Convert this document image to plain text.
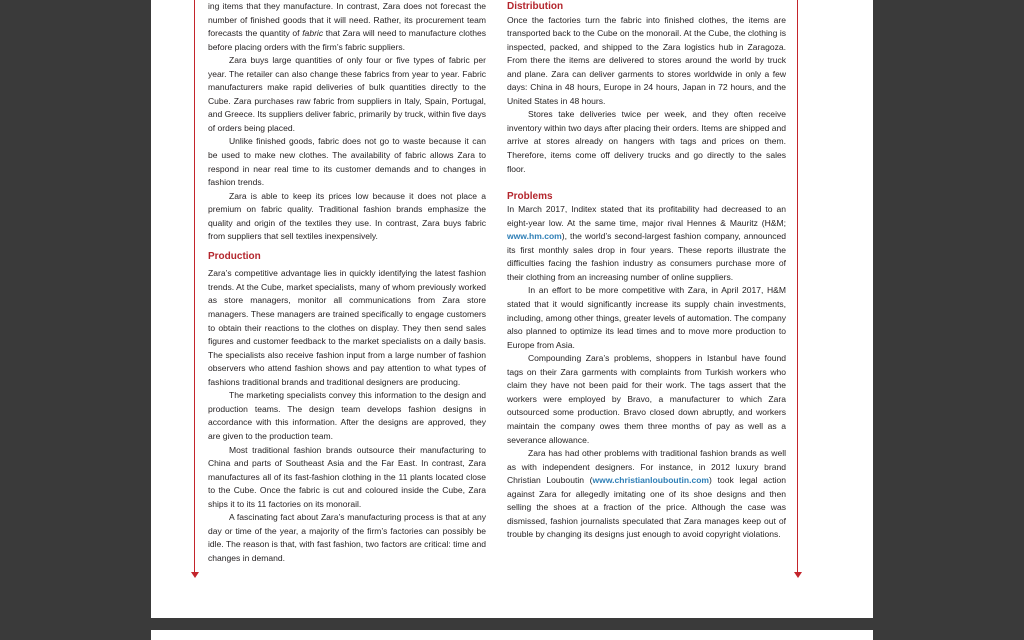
ing items that they manufacture. In contrast, Zara does not forecast the number of finished goods that it will need. Rather, its procurement team forecasts the quantity of fabric that Zara will need to manufacture clothes before placing orders with the firm’s fabric suppliers.

Zara buys large quantities of only four or five types of fabric per year. The retailer can also change these fabrics from year to year. Fabric manufacturers make rapid deliveries of bulk quantities directly to the Cube. Zara purchases raw fabric from suppliers in Italy, Spain, Portugal, and Greece. Its suppliers deliver fabric, primarily by truck, within five days of orders being placed.

Unlike finished goods, fabric does not go to waste because it can be used to make new clothes. The availability of fabric allows Zara to respond in near real time to its customer demands and to changes in fashion trends.

Zara is able to keep its prices low because it does not place a premium on fabric quality. Traditional fashion brands emphasize the quality and origin of the textiles they use. In contrast, Zara buys fabric from suppliers that sell textiles inexpensively.

Production

Zara’s competitive advantage lies in quickly identifying the latest fashion trends. At the Cube, market specialists, many of whom previously worked as store managers, monitor all communications from Zara store managers. These managers are trained specifically to engage customers to obtain their reactions to the clothes on display. They then send sales figures and customer feedback to the market specialists on a daily basis. The specialists also receive fashion input from a large number of fashion observers who attend fashion shows and pay attention to what types of fashions traditional brands and traditional designers are producing.

The marketing specialists convey this information to the design and production teams. The design team develops fashion designs in accordance with this information. After the designs are approved, they are given to the production team.

Most traditional fashion brands outsource their manufacturing to China and parts of Southeast Asia and the Far East. In contrast, Zara manufactures all of its fast-fashion clothing in the 11 plants located close to the Cube. Once the fabric is cut and coloured inside the Cube, Zara ships it to its 11 factories on its monorail.

A fascinating fact about Zara’s manufacturing process is that at any day or time of the year, a majority of the firm’s factories can possibly be idle. The reason is that, with fast fashion, two factors are critical: time and changes in demand.

Distribution

Once the factories turn the fabric into finished clothes, the items are transported back to the Cube on the monorail. At the Cube, the clothing is inspected, packed, and shipped to the Zara logistics hub in Zaragoza. From there the items are delivered to stores around the world by truck and plane. Zara can deliver garments to stores worldwide in only a few days: China in 48 hours, Europe in 24 hours, Japan in 72 hours, and the United States in 48 hours.

Stores take deliveries twice per week, and they often receive inventory within two days after placing their orders. Items are shipped and arrive at stores already on hangers with tags and prices on them. Therefore, items come off delivery trucks and go directly to the sales floor.

Problems

In March 2017, Inditex stated that its profitability had decreased to an eight-year low. At the same time, major rival Hennes & Mauritz (H&M; www.hm.com), the world’s second-largest fashion company, announced its first monthly sales drop in four years. These reports illustrate the difficulties facing the fashion industry as consumers purchase more of their clothing from an increasing number of online suppliers.

In an effort to be more competitive with Zara, in April 2017, H&M stated that it would significantly increase its supply chain investments, including, among other things, greater levels of automation. The company also planned to optimize its lead times and to move more production to Europe from Asia.

Compounding Zara’s problems, shoppers in Istanbul have found tags on their Zara garments with complaints from Turkish workers who claim they have not been paid for their work. The tags assert that the workers were employed by Bravo, a manufacturer to which Zara outsourced some production. Bravo closed down abruptly, and workers maintain the company owes them three months of pay as well as a severance allowance.

Zara has had other problems with traditional fashion brands as well as with independent designers. For instance, in 2012 luxury brand Christian Louboutin (www.christianlouboutin.com) took legal action against Zara for allegedly imitating one of its shoe designs and then selling the shoes at a fraction of the price. Although the case was dismissed, fashion journalists speculated that Zara manages keep out of trouble by changing its designs just enough to avoid copyright violations.
